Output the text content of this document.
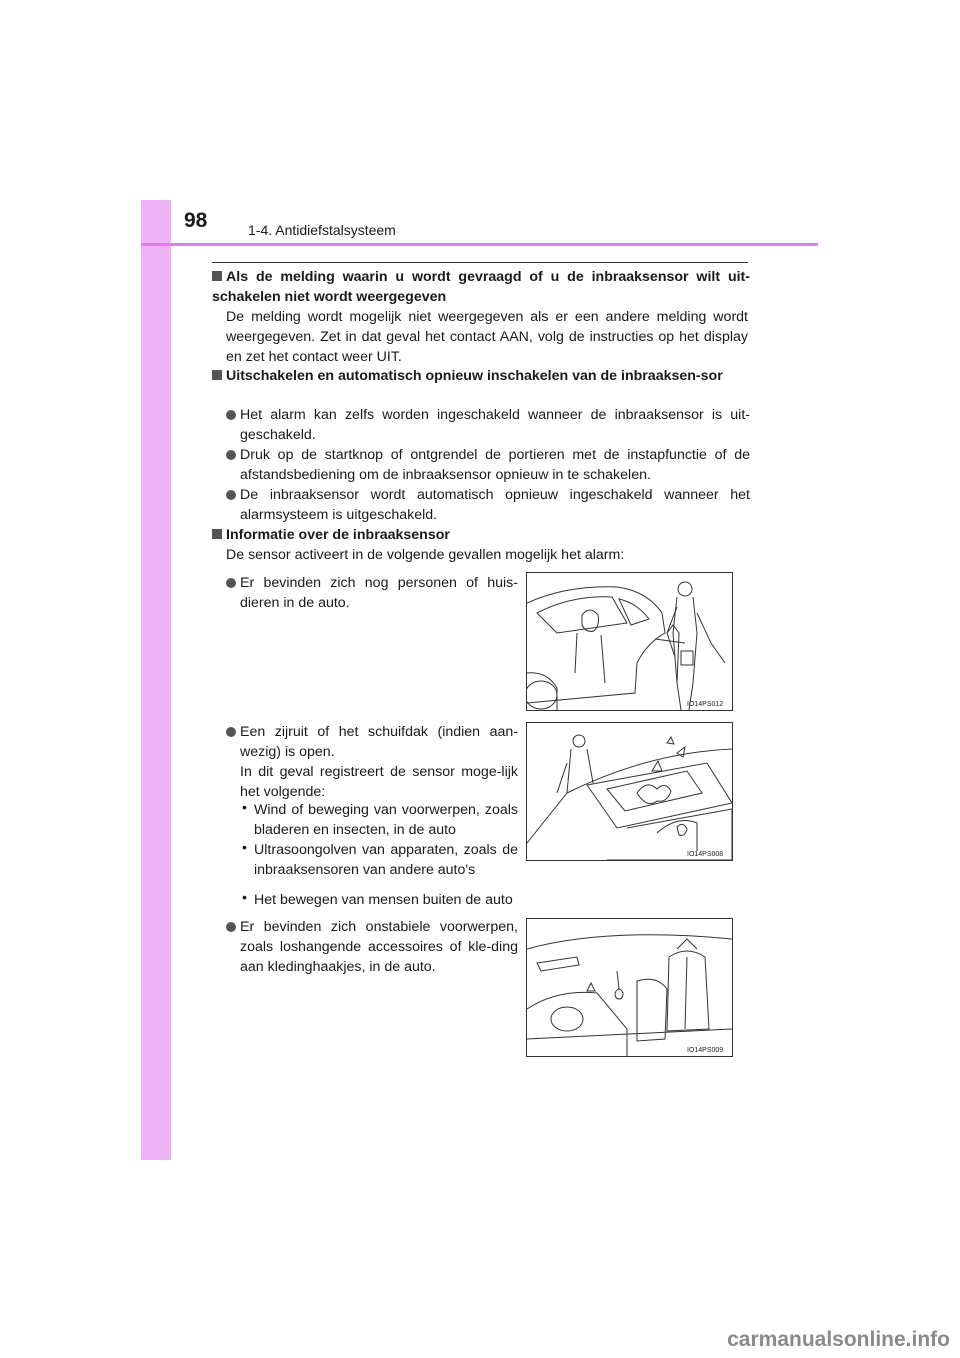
98	1-4. Antidiefstalsysteem
Als de melding waarin u wordt gevraagd of u de inbraaksensor wilt uit-schakelen niet wordt weergegeven
De melding wordt mogelijk niet weergegeven als er een andere melding wordt weergegeven. Zet in dat geval het contact AAN, volg de instructies op het display en zet het contact weer UIT.
Uitschakelen en automatisch opnieuw inschakelen van de inbraaksen-sor
Het alarm kan zelfs worden ingeschakeld wanneer de inbraaksensor is uit-geschakeld.
Druk op de startknop of ontgrendel de portieren met de instapfunctie of de afstandsbediening om de inbraaksensor opnieuw in te schakelen.
De inbraaksensor wordt automatisch opnieuw ingeschakeld wanneer het alarmsysteem is uitgeschakeld.
Informatie over de inbraaksensor
De sensor activeert in de volgende gevallen mogelijk het alarm:
Er bevinden zich nog personen of huis-dieren in de auto.
Een zijruit of het schuifdak (indien aan-wezig) is open.
In dit geval registreert de sensor moge-lijk het volgende:
• Wind of beweging van voorwerpen, zoals bladeren en insecten, in de auto
• Ultrasoongolven van apparaten, zoals de inbraaksensoren van andere auto's
• Het bewegen van mensen buiten de auto
Er bevinden zich onstabiele voorwerpen, zoals loshangende accessoires of kle-ding aan kledinghaakjes, in de auto.
IO14PS012
IO14PS008
IO14PS009
carmanualsonline.info
